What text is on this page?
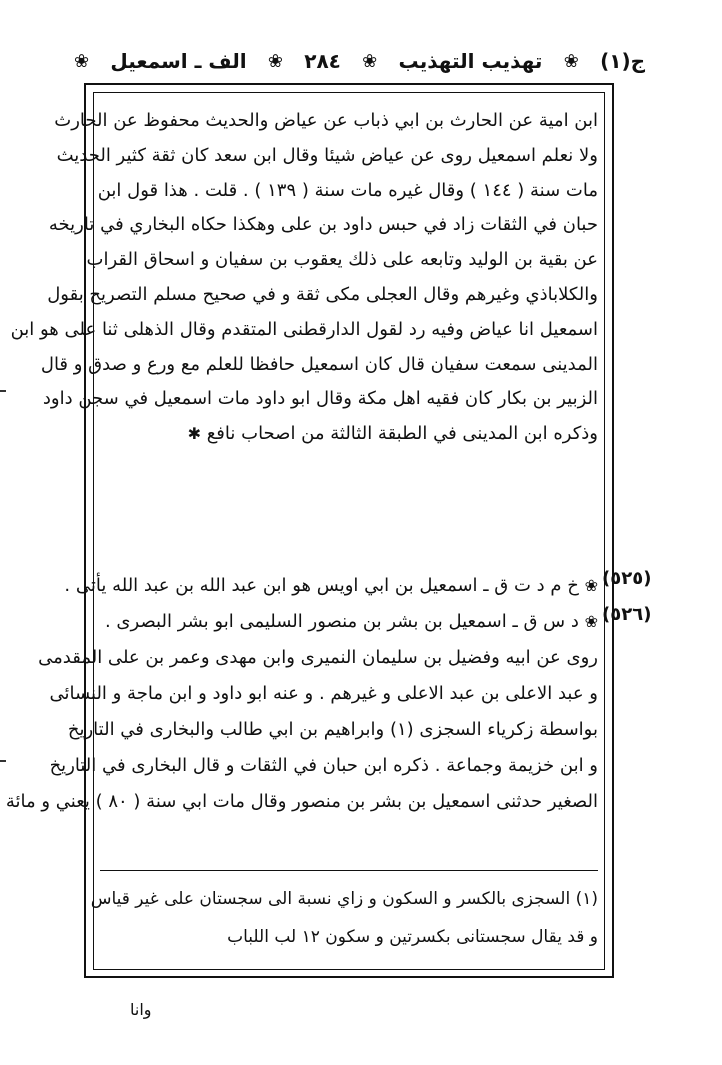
ج(١)
❀
تهذيب التهذيب
❀
٢٨٤
❀
الف ـ اسمعيل
❀
ابن امية عن الحارث بن ابي ذباب عن عياض والحديث محفوظ عن الحارث
ولا نعلم اسمعيل روى عن عياض شيئا وقال ابن سعد كان ثقة كثير الحديث
مات سنة ( ١٤٤ ) وقال غيره مات سنة ( ١٣٩ ) . قلت . هذا قول ابن
حبان في الثقات زاد في حبس داود بن على وهكذا حكاه البخاري في تاريخه
عن بقية بن الوليد وتابعه على ذلك يعقوب بن سفيان و اسحاق القراب
والكلاباذي وغيرهم وقال العجلى مكى ثقة و في صحيح مسلم التصريح بقول
اسمعيل انا عياض وفيه رد لقول الدارقطنى المتقدم وقال الذهلى ثنا على هو ابن
المدينى سمعت سفيان قال كان اسمعيل حافظا للعلم مع ورع و صدق و قال
الزبير بن بكار كان فقيه اهل مكة وقال ابو داود مات اسمعيل في سجن داود
وذكره ابن المدينى في الطبقة الثالثة من اصحاب نافع ✱
❀ خ م د ت ق ـ اسمعيل بن ابي اويس هو ابن عبد الله بن عبد الله يأتى .
❀ د س ق ـ اسمعيل بن بشر بن منصور السليمى ابو بشر البصرى .
روى عن ابيه وفضيل بن سليمان النميرى وابن مهدى وعمر بن على المقدمى
و عبد الاعلى بن عبد الاعلى و غيرهم . و عنه ابو داود و ابن ماجة و النسائى
بواسطة زكرياء السجزى (١) وابراهيم بن ابي طالب والبخارى في التاريخ
و ابن خزيمة وجماعة . ذكره ابن حبان في الثقات و قال البخارى في التاريخ
الصغير حدثنى اسمعيل بن بشر بن منصور وقال مات ابي سنة ( ٨٠ ) يعني و مائة
(٥٢٥)
(٥٢٦)
(١) السجزى بالكسر و السكون و زاي نسبة الى سجستان على غير قياس
و قد يقال سجستانى بكسرتين و سكون ١٢ لب اللباب
وانا
